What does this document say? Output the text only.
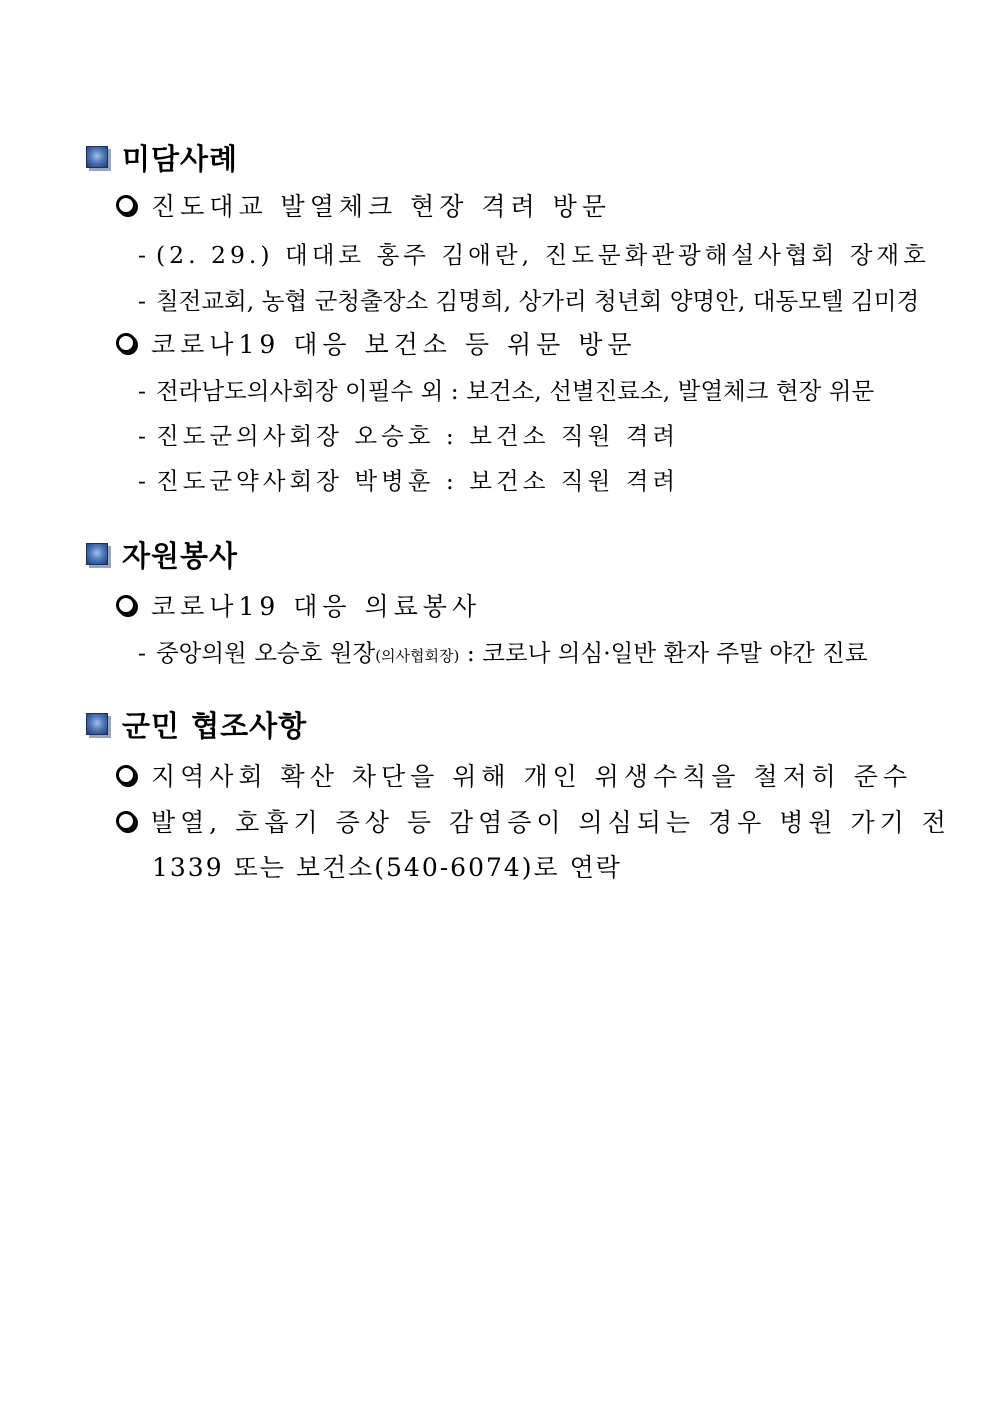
미담사례
진도대교 발열체크 현장 격려 방문
- (2. 29.) 대대로 홍주 김애란, 진도문화관광해설사협회 장재호
- 칠전교회, 농협 군청출장소 김명희, 상가리 청년회 양명안, 대동모텔 김미경
코로나19 대응 보건소 등 위문 방문
- 전라남도의사회장 이필수 외 : 보건소, 선별진료소, 발열체크 현장 위문
- 진도군의사회장 오승호 : 보건소 직원 격려
- 진도군약사회장 박병훈 : 보건소 직원 격려
자원봉사
코로나19 대응 의료봉사
- 중앙의원 오승호 원장(의사협회장) : 코로나 의심·일반 환자 주말 야간 진료
군민 협조사항
지역사회 확산 차단을 위해 개인 위생수칙을 철저히 준수
발열, 호흡기 증상 등 감염증이 의심되는 경우 병원 가기 전
1339 또는 보건소(540-6074)로 연락
